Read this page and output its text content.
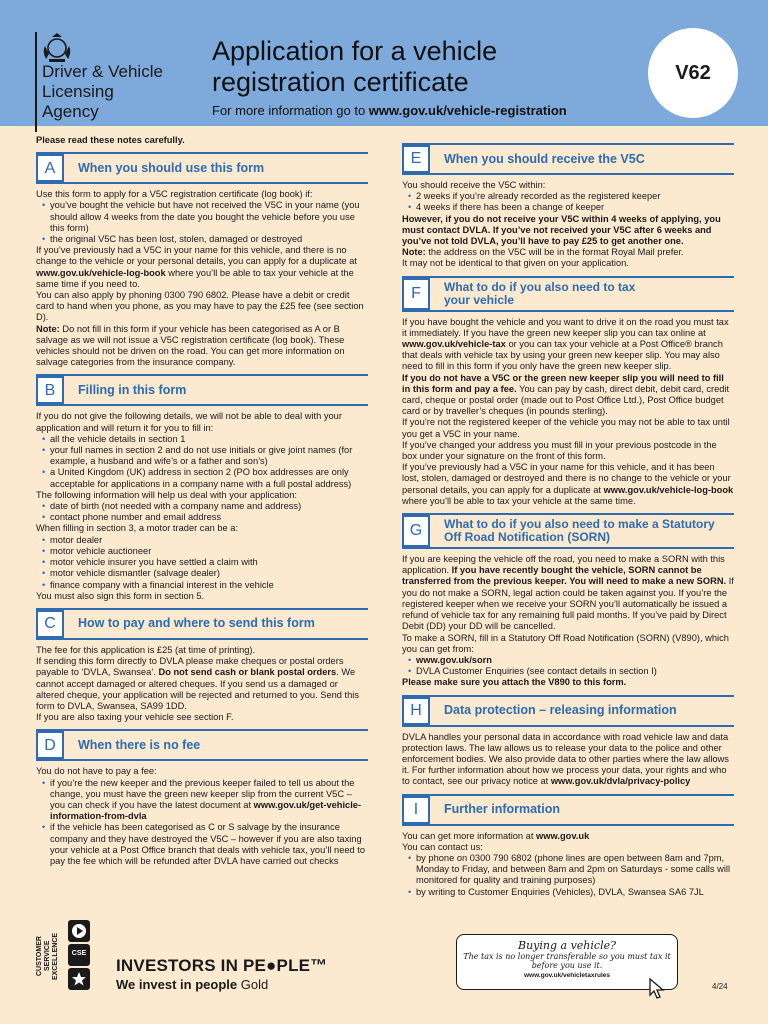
Driver & Vehicle
Licensing
Agency
Application for a vehicle
registration certificate
For more information go to www.gov.uk/vehicle-registration
V62

Please read these notes carefully.

A	When you should use this form

Use this form to apply for a V5C registration certificate (log book) if:

• you’ve bought the vehicle but have not received the V5C in your name (you should allow 4 weeks from the date you bought the vehicle before you use this form)
• the original V5C has been lost, stolen, damaged or destroyed

If you’ve previously had a V5C in your name for this vehicle, and there is no change to the vehicle or your personal details, you can apply for a duplicate at www.gov.uk/vehicle-log-book where you’ll be able to tax your vehicle at the same time if you need to.

You can also apply by phoning 0300 790 6802. Please have a debit or credit card to hand when you phone, as you may have to pay the £25 fee (see section D).

Note: Do not fill in this form if your vehicle has been categorised as A or B salvage as we will not issue a V5C registration certificate (log book). These vehicles should not be driven on the road. You can get more information on salvage categories from the insurance company.

B	Filling in this form

If you do not give the following details, we will not be able to deal with your application and will return it for you to fill in:

• all the vehicle details in section 1
• your full names in section 2 and do not use initials or give joint names (for example, a husband and wife’s or a father and son’s)
• a United Kingdom (UK) address in section 2 (PO box addresses are only acceptable for applications in a company name with a full postal address)

The following information will help us deal with your application:

• date of birth (not needed with a company name and address)
• contact phone number and email address

When filling in section 3, a motor trader can be a:

• motor dealer
• motor vehicle auctioneer
• motor vehicle insurer you have settled a claim with
• motor vehicle dismantler (salvage dealer)
• finance company with a financial interest in the vehicle

You must also sign this form in section 5.

C	How to pay and where to send this form

The fee for this application is £25 (at time of printing).

If sending this form directly to DVLA please make cheques or postal orders payable to ‘DVLA, Swansea’. Do not send cash or blank postal orders. We cannot accept damaged or altered cheques. If you send us a damaged or altered cheque, your application will be rejected and returned to you. Send this form to DVLA, Swansea, SA99 1DD.

If you are also taxing your vehicle see section F.

D	When there is no fee

You do not have to pay a fee:

• if you’re the new keeper and the previous keeper failed to tell us about the change, you must have the green new keeper slip from the current V5C – you can check if you have the latest document at www.gov.uk/get-vehicle-information-from-dvla
• if the vehicle has been categorised as C or S salvage by the insurance company and they have destroyed the V5C – however if you are also taxing your vehicle at a Post Office branch that deals with vehicle tax, you’ll need to pay the fee which will be refunded after DVLA have carried out checks
E	When you should receive the V5C

You should receive the V5C within:

• 2 weeks if you’re already recorded as the registered keeper
• 4 weeks if there has been a change of keeper

However, if you do not receive your V5C within 4 weeks of applying, you must contact DVLA. If you’ve not received your V5C after 6 weeks and you’ve not told DVLA, you’ll have to pay £25 to get another one.

Note: the address on the V5C will be in the format Royal Mail prefer.

It may not be identical to that given on your application.

F	What to do if you also need to tax
your vehicle

If you have bought the vehicle and you want to drive it on the road you must tax it immediately. If you have the green new keeper slip you can tax online at www.gov.uk/vehicle-tax or you can tax your vehicle at a Post Office® branch that deals with vehicle tax by using your green new keeper slip. You may also need to fill in this form if you only have the green new keeper slip.

If you do not have a V5C or the green new keeper slip you will need to fill in this form and pay a fee. You can pay by cash, direct debit, debit card, credit card, cheque or postal order (made out to Post Office Ltd.), Post Office budget card or by traveller’s cheques (in pounds sterling).

If you’re not the registered keeper of the vehicle you may not be able to tax until you get a V5C in your name.

If you’ve changed your address you must fill in your previous postcode in the box under your signature on the front of this form.

If you’ve previously had a V5C in your name for this vehicle, and it has been lost, stolen, damaged or destroyed and there is no change to the vehicle or your personal details, you can apply for a duplicate at www.gov.uk/vehicle-log-book where you’ll be able to tax your vehicle at the same time.

G	What to do if you also need to make a Statutory
Off Road Notification (SORN)

If you are keeping the vehicle off the road, you need to make a SORN with this application. If you have recently bought the vehicle, SORN cannot be transferred from the previous keeper. You will need to make a new SORN. If you do not make a SORN, legal action could be taken against you. If you’re the registered keeper when we receive your SORN you’ll automatically be issued a refund of vehicle tax for any remaining full paid months. If you’ve paid by Direct Debit (DD) your DD will be cancelled.

To make a SORN, fill in a Statutory Off Road Notification (SORN) (V890), which you can get from:

• www.gov.uk/sorn
• DVLA Customer Enquiries (see contact details in section I)

Please make sure you attach the V890 to this form.

H	Data protection – releasing information

DVLA handles your personal data in accordance with road vehicle law and data protection laws. The law allows us to release your data to the police and other enforcement bodies. We also provide data to other parties where the law allows it. For further information about how we process your data, your rights and who to contact, see our privacy notice at www.gov.uk/dvla/privacy-policy

I	Further information

You can get more information at www.gov.uk

You can contact us:

• by phone on 0300 790 6802 (phone lines are open between 8am and 7pm, Monday to Friday, and between 8am and 2pm on Saturdays - some calls will monitored for quality and training purposes)
• by writing to Customer Enquiries (Vehicles), DVLA, Swansea SA6 7JL
CUSTOMER SERVICE EXCELLENCE	CSE
INVESTORS IN PE●PLE™
We invest in people Gold
Buying a vehicle?
The tax is no longer transferable so you must tax it
before you use it.
www.gov.uk/vehicletaxrules
4/24
